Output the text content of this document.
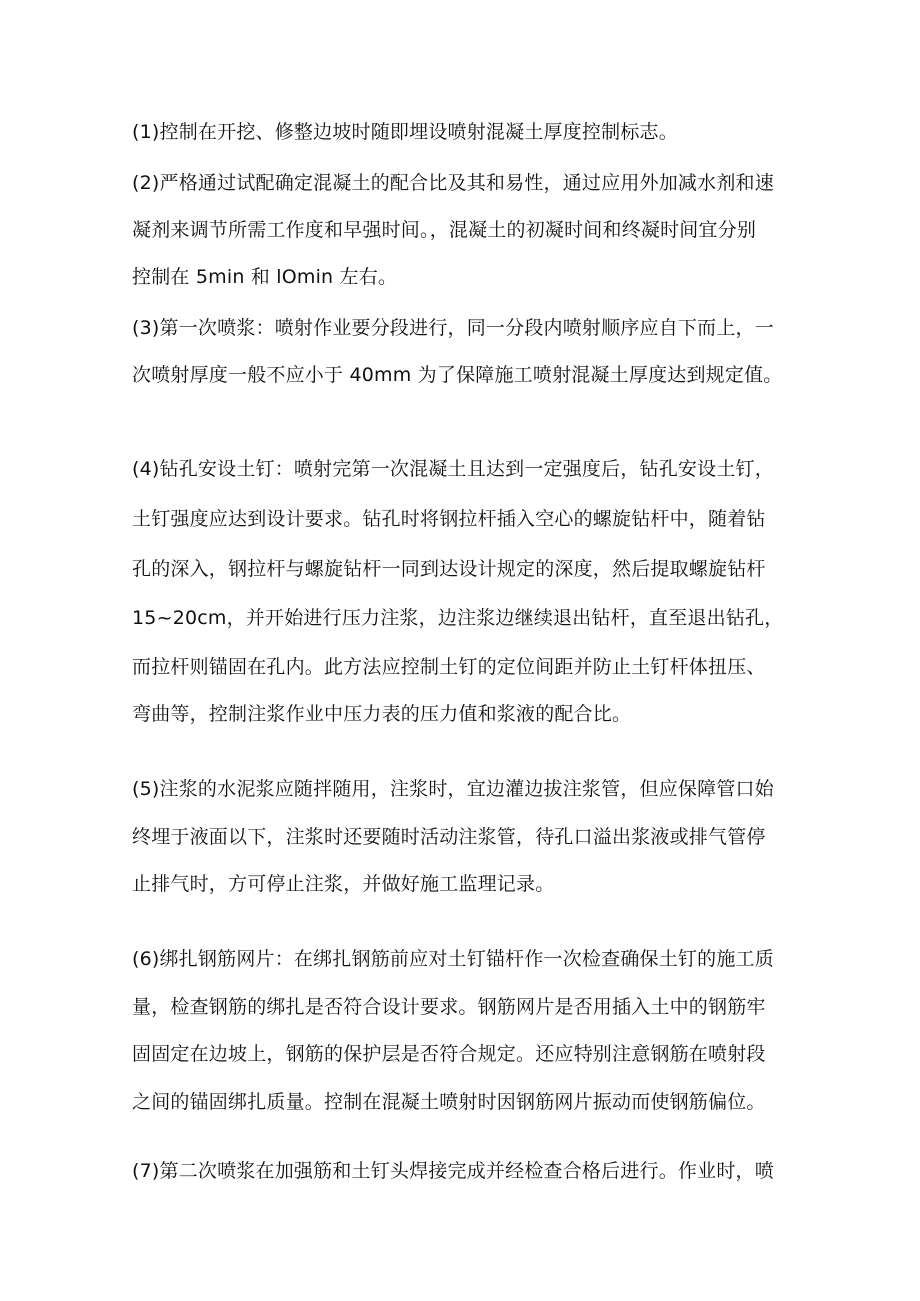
(1)控制在开挖、修整边坡时随即埋设喷射混凝土厚度控制标志。
(2)严格通过试配确定混凝土的配合比及其和易性，通过应用外加减水剂和速
凝剂来调节所需工作度和早强时间。，混凝土的初凝时间和终凝时间宜分别
控制在 5min 和 lOmin 左右。
(3)第一次喷浆：喷射作业要分段进行，同一分段内喷射顺序应自下而上，一
次喷射厚度一般不应小于 40mm 为了保障施工喷射混凝土厚度达到规定值。
(4)钻孔安设土钉：喷射完第一次混凝土且达到一定强度后，钻孔安设土钉，
土钉强度应达到设计要求。钻孔时将钢拉杆插入空心的螺旋钻杆中，随着钻
孔的深入，钢拉杆与螺旋钻杆一同到达设计规定的深度，然后提取螺旋钻杆
15~20cm，并开始进行压力注浆，边注浆边继续退出钻杆，直至退出钻孔，
而拉杆则锚固在孔内。此方法应控制土钉的定位间距并防止土钉杆体扭压、
弯曲等，控制注浆作业中压力表的压力值和浆液的配合比。
(5)注浆的水泥浆应随拌随用，注浆时，宜边灌边拔注浆管，但应保障管口始
终埋于液面以下，注浆时还要随时活动注浆管，待孔口溢出浆液或排气管停
止排气时，方可停止注浆，并做好施工监理记录。
(6)绑扎钢筋网片：在绑扎钢筋前应对土钉锚杆作一次检查确保土钉的施工质
量，检查钢筋的绑扎是否符合设计要求。钢筋网片是否用插入土中的钢筋牢
固固定在边坡上，钢筋的保护层是否符合规定。还应特别注意钢筋在喷射段
之间的锚固绑扎质量。控制在混凝土喷射时因钢筋网片振动而使钢筋偏位。
(7)第二次喷浆在加强筋和土钉头焊接完成并经检查合格后进行。作业时，喷
